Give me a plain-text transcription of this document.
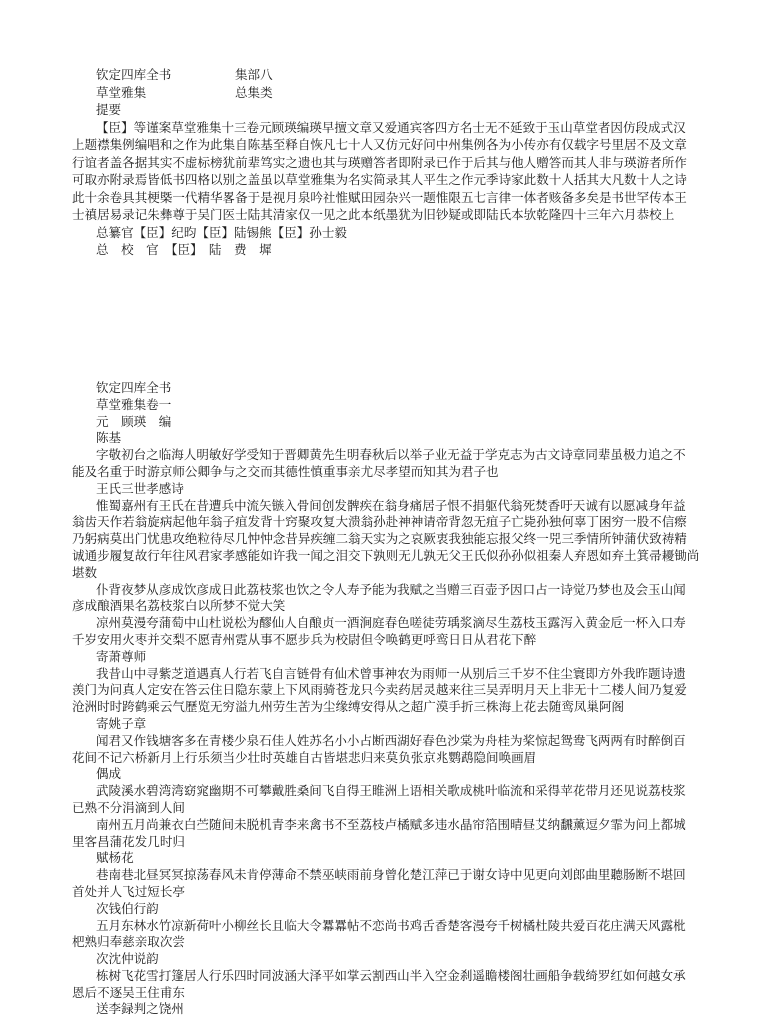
钦定四库全书	集部八
草堂雅集	总集类
提要
【臣】等谨案草堂雅集十三卷元顾瑛编瑛早擅文章又爱通宾客四方名士无不延致于玉山草堂者因仿段成式汉
上题襟集例编唱和之作为此集自陈基至释自恢凡七十人又仿元好问中州集例各为小传亦有仅载字号里居不及文章
行谊者盖各据其实不虚标榜犹前辈笃实之遗也其与瑛赠答者即附录已作于后其与他人赠答而其人非与瑛游者所作
可取亦附录焉皆低书四格以别之盖虽以草堂雅集为名实简录其人平生之作元季诗家此数十人括其大凡数十人之诗
此十余卷具其梗槩一代精华畧备于是视月泉吟社惟赋田园杂兴一题惟限五七言律一体者赅备多矣是书世罕传本王
士禛居易录记朱彝尊于吴门医士陆其清家仅一见之此本纸墨犹为旧钞疑或即陆氏本欤乾隆四十三年六月恭校上
总纂官【臣】纪昀【臣】陆锡熊【臣】孙士毅
总　校　官　【臣】　陆　费　墀
钦定四库全书
草堂雅集卷一
元　顾瑛　编
陈基
字敬初台之临海人明敏好学受知于晋卿黄先生明春秋后以举子业无益于学克志为古文诗章同辈虽极力追之不
能及名重于时游京师公卿争与之交而其德性慎重事亲尤尽孝望而知其为君子也
王氏三世孝感诗
惟蜀嘉州有王氏在昔遭兵中流矢镞入骨间创发髀疾在翁身痛居子恨不捐躯代翁死焚香吁天诚有以愿减身年益
翁齿天作若翁旋病起他年翁子疽发背十窍聚攻复大溃翁孙赴神神请帝背忽无疽子亡毙孙独何辜丁困穷一股不信瘵
乃躬病莫出门忧患攻绝粒待尽几忡忡念昔异疾缠二翁天实为之哀厥衷我独能忘报父终一兕三季情所钟蒲伏致祷精
诚通步履复故行年往风君家孝感能如许我一闻之泪交下孰则无儿孰无父王氏似孙孙似祖秦人弃恩如弃土箕帚耰锄尚
堪数
仆背夜梦从彦成饮彦成日此荔枝浆也饮之令人寿予能为我赋之当赠三百壶予因口占一诗觉乃梦也及会玉山闻
彦成酿酒果名荔枝浆白以所梦不觉大笑
凉州莫漫夸蒲萄中山杜说松为醪仙人自酿贞一酒涧庭春色嗟徒劳瑀浆滴尽生荔枝玉露泻入黄金卮一杯入口寿
千岁安用火枣并交梨不愿青州霓从事不愿步兵为校尉但令唤鹤更呼鸾日日从君花下醉
寄萧尊师
我昔山中寻紫芝道遇真人行若飞自言链骨有仙术曾事神农为雨师一从别后三千岁不住尘寰即方外我昨题诗遗
羡门为问真人定安在答云住日隐东蒙上下风雨骑苍龙只今卖药居灵越来往三吴弄明月天上非无十二楼人间乃复爱
沧洲时时跨鹤乘云气歷览无穷溢九州劳生苦为尘缘缚安得从之超广漠手折三株海上花去随鸾凤巢阿阁
寄姚子章
闻君又作钱塘客多在青楼少泉石佳人姓苏名小小占断西湖好春色沙棠为舟桂为桨惊起鸳鸯飞两两有时醉倒百
花间不记六桥新月上行乐须当少壮时英雄自古皆堪悲归来莫负张京兆鹦鹉隐间唤画眉
偶成
武陵溪水碧湾湾窈窕幽期不可攀戴胜桑间飞自得王睢洲上语相关歌成桃叶临流和采得苹花带月还见说荔枝浆
已熟不分涓滴到人间
南州五月尚兼衣白苎随间未脱机青李来禽书不至荔枝卢橘赋多违水晶帘箔围晴昼艾纳飜薰逗夕霏为问上都城
里客昌蒲花发几时归
赋杨花
巷南巷北昼冥冥掠荡春风未肯停薄命不禁巫峡雨前身曾化楚江萍已于谢女诗中见更向刘郎曲里聽肠断不堪回
首处并人飞过短长亭
次钱伯行韵
五月东林水竹凉新荷叶小柳丝长且临大令羃羃帖不恋尚书鸡舌香楚客漫夸千树橘杜陵共爱百花庄满天风露枇
杷熟归奉慈亲取次尝
次沈仲说韵
栋树飞花雪打篷居人行乐四时同波涵大泽平如掌云割西山半入空金刹遥瞻楼阁壮画船争载绮罗红如何越女承
恩后不逐吴王住甫东
送李録判之饶州
